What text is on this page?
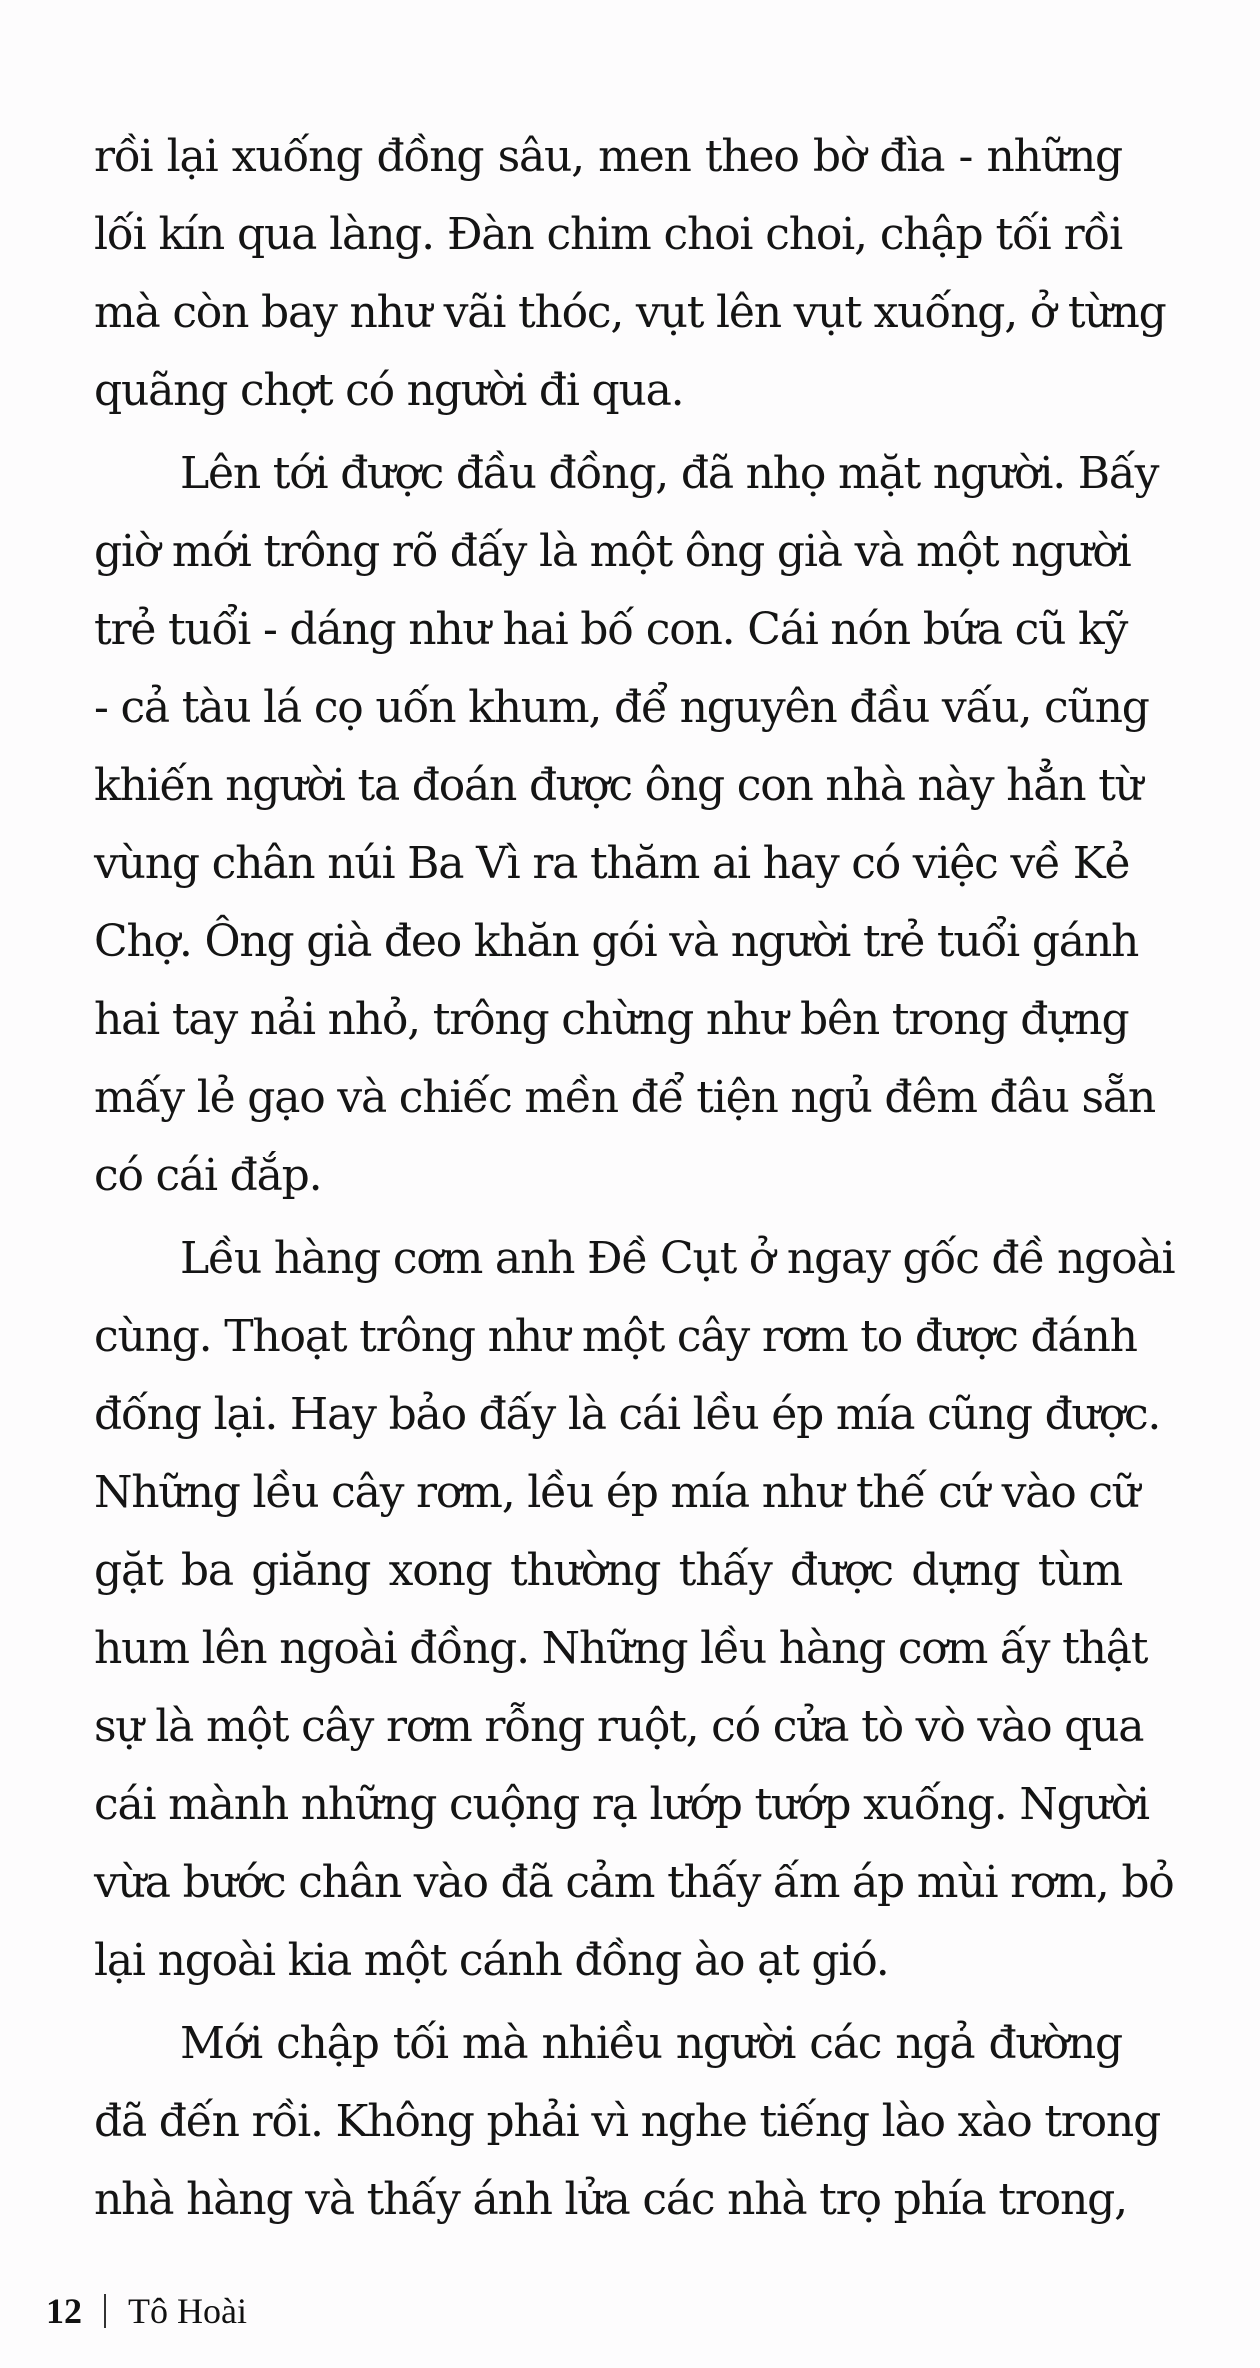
rồi lại xuống đồng sâu, men theo bờ đìa - những
lối kín qua làng. Đàn chim choi choi, chập tối rồi
mà còn bay như vãi thóc, vụt lên vụt xuống, ở từng
quãng chợt có người đi qua.
Lên tới được đầu đồng, đã nhọ mặt người. Bấy
giờ mới trông rõ đấy là một ông già và một người
trẻ tuổi - dáng như hai bố con. Cái nón bứa cũ kỹ
- cả tàu lá cọ uốn khum, để nguyên đầu vấu, cũng
khiến người ta đoán được ông con nhà này hẳn từ
vùng chân núi Ba Vì ra thăm ai hay có việc về Kẻ
Chợ. Ông già đeo khăn gói và người trẻ tuổi gánh
hai tay nải nhỏ, trông chừng như bên trong đựng
mấy lẻ gạo và chiếc mền để tiện ngủ đêm đâu sẵn
có cái đắp.
Lều hàng cơm anh Đề Cụt ở ngay gốc đề ngoài
cùng. Thoạt trông như một cây rơm to được đánh
đống lại. Hay bảo đấy là cái lều ép mía cũng được.
Những lều cây rơm, lều ép mía như thế cứ vào cữ
gặt ba giăng xong thường thấy được dựng tùm
hum lên ngoài đồng. Những lều hàng cơm ấy thật
sự là một cây rơm rỗng ruột, có cửa tò vò vào qua
cái mành những cuộng rạ lướp tướp xuống. Người
vừa bước chân vào đã cảm thấy ấm áp mùi rơm, bỏ
lại ngoài kia một cánh đồng ào ạt gió.
Mới chập tối mà nhiều người các ngả đường
đã đến rồi. Không phải vì nghe tiếng lào xào trong
nhà hàng và thấy ánh lửa các nhà trọ phía trong,
12 Tô Hoài
